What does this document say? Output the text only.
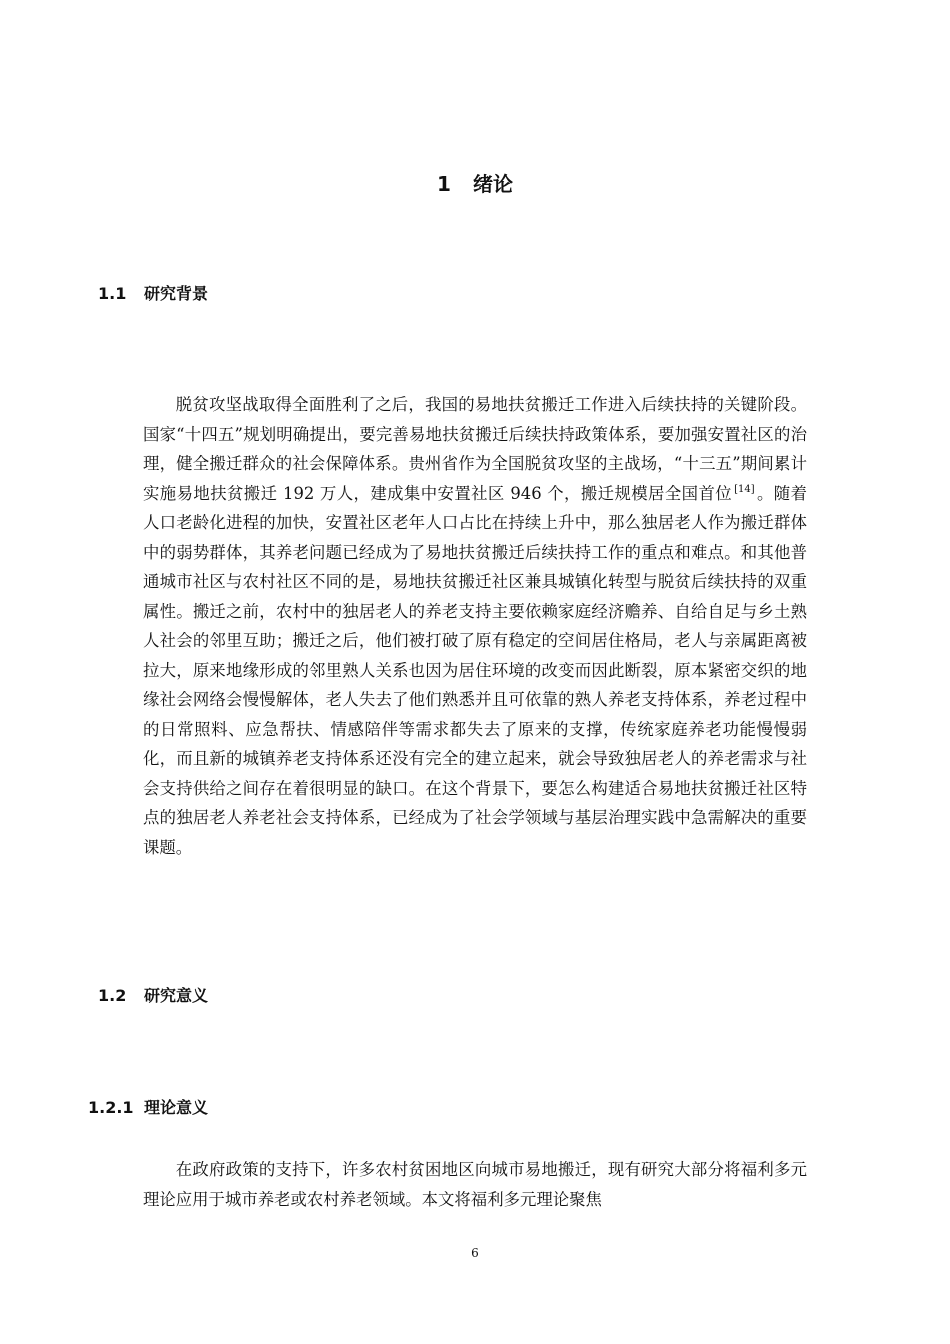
1 绪论
1.1 研究背景

脱贫攻坚战取得全面胜利了之后，我国的易地扶贫搬迁工作进入后续扶持的关键阶段。国家“十四五”规划明确提出，要完善易地扶贫搬迁后续扶持政策体系，要加强安置社区的治理，健全搬迁群众的社会保障体系。贵州省作为全国脱贫攻坚的主战场，“十三五”期间累计实施易地扶贫搬迁 192 万人，建成集中安置社区 946 个，搬迁规模居全国首位 [14] 。随着人口老龄化进程的加快，安置社区老年人口占比在持续上升中，那么独居老人作为搬迁群体中的弱势群体，其养老问题已经成为了易地扶贫搬迁后续扶持工作的重点和难点。和其他普通城市社区与农村社区不同的是，易地扶贫搬迁社区兼具城镇化转型与脱贫后续扶持的双重属性。搬迁之前，农村中的独居老人的养老支持主要依赖家庭经济赡养、自给自足与乡土熟人社会的邻里互助；搬迁之后，他们被打破了原有稳定的空间居住格局，老人与亲属距离被拉大，原来地缘形成的邻里熟人关系也因为居住环境的改变而因此断裂，原本紧密交织的地缘社会网络会慢慢解体，老人失去了他们熟悉并且可依靠的熟人养老支持体系，养老过程中的日常照料、应急帮扶、情感陪伴等需求都失去了原来的支撑，传统家庭养老功能慢慢弱化，而且新的城镇养老支持体系还没有完全的建立起来，就会导致独居老人的养老需求与社会支持供给之间存在着很明显的缺口。在这个背景下，要怎么构建适合易地扶贫搬迁社区特点的独居老人养老社会支持体系，已经成为了社会学领域与基层治理实践中急需解决的重要课题。

1.2 研究意义
1.2.1 理论意义

在政府政策的支持下，许多农村贫困地区向城市易地搬迁，现有研究大部分将福利多元理论应用于城市养老或农村养老领域。本文将福利多元理论聚焦

6
